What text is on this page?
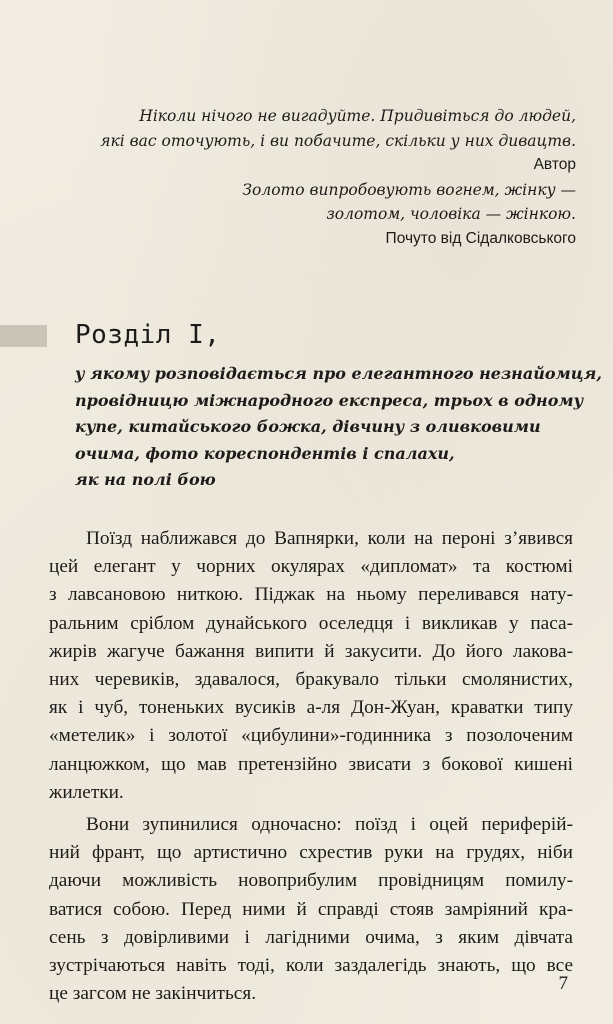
Ніколи нічого не вигадуйте. Придивіться до людей,
які вас оточують, і ви побачите, скільки у них дивацтв.
Автор
Золото випробовують вогнем, жінку —
золотом, чоловіка — жінкою.
Почуто від Сідалковського
Розділ І,
у якому розповідається про елегантного незнайомця,
провідницю міжнародного експреса, трьох в одному
купе, китайського божка, дівчину з оливковими
очима, фото кореспондентів і спалахи,
як на полі бою
Поїзд наближався до Вапнярки, коли на пероні з’явився
цей елегант у чорних окулярах «дипломат» та костюмі
з лавсановою ниткою. Піджак на ньому переливався нату-
ральним сріблом дунайського оселедця і викликав у паса-
жирів жагуче бажання випити й закусити. До його лакова-
них черевиків, здавалося, бракувало тільки смолянистих,
як і чуб, тоненьких вусиків а-ля Дон-Жуан, краватки типу
«метелик» і золотої «цибулини»-годинника з позолоченим
ланцюжком, що мав претензійно звисати з бокової кишені
жилетки.
Вони зупинилися одночасно: поїзд і оцей периферій-
ний франт, що артистично схрестив руки на грудях, ніби
даючи можливість новоприбулим провідницям помилу-
ватися собою. Перед ними й справді стояв замріяний кра-
сень з довірливими і лагідними очима, з яким дівчата
зустрічаються навіть тоді, коли заздалегідь знають, що все
це загсом не закінчиться.	7
